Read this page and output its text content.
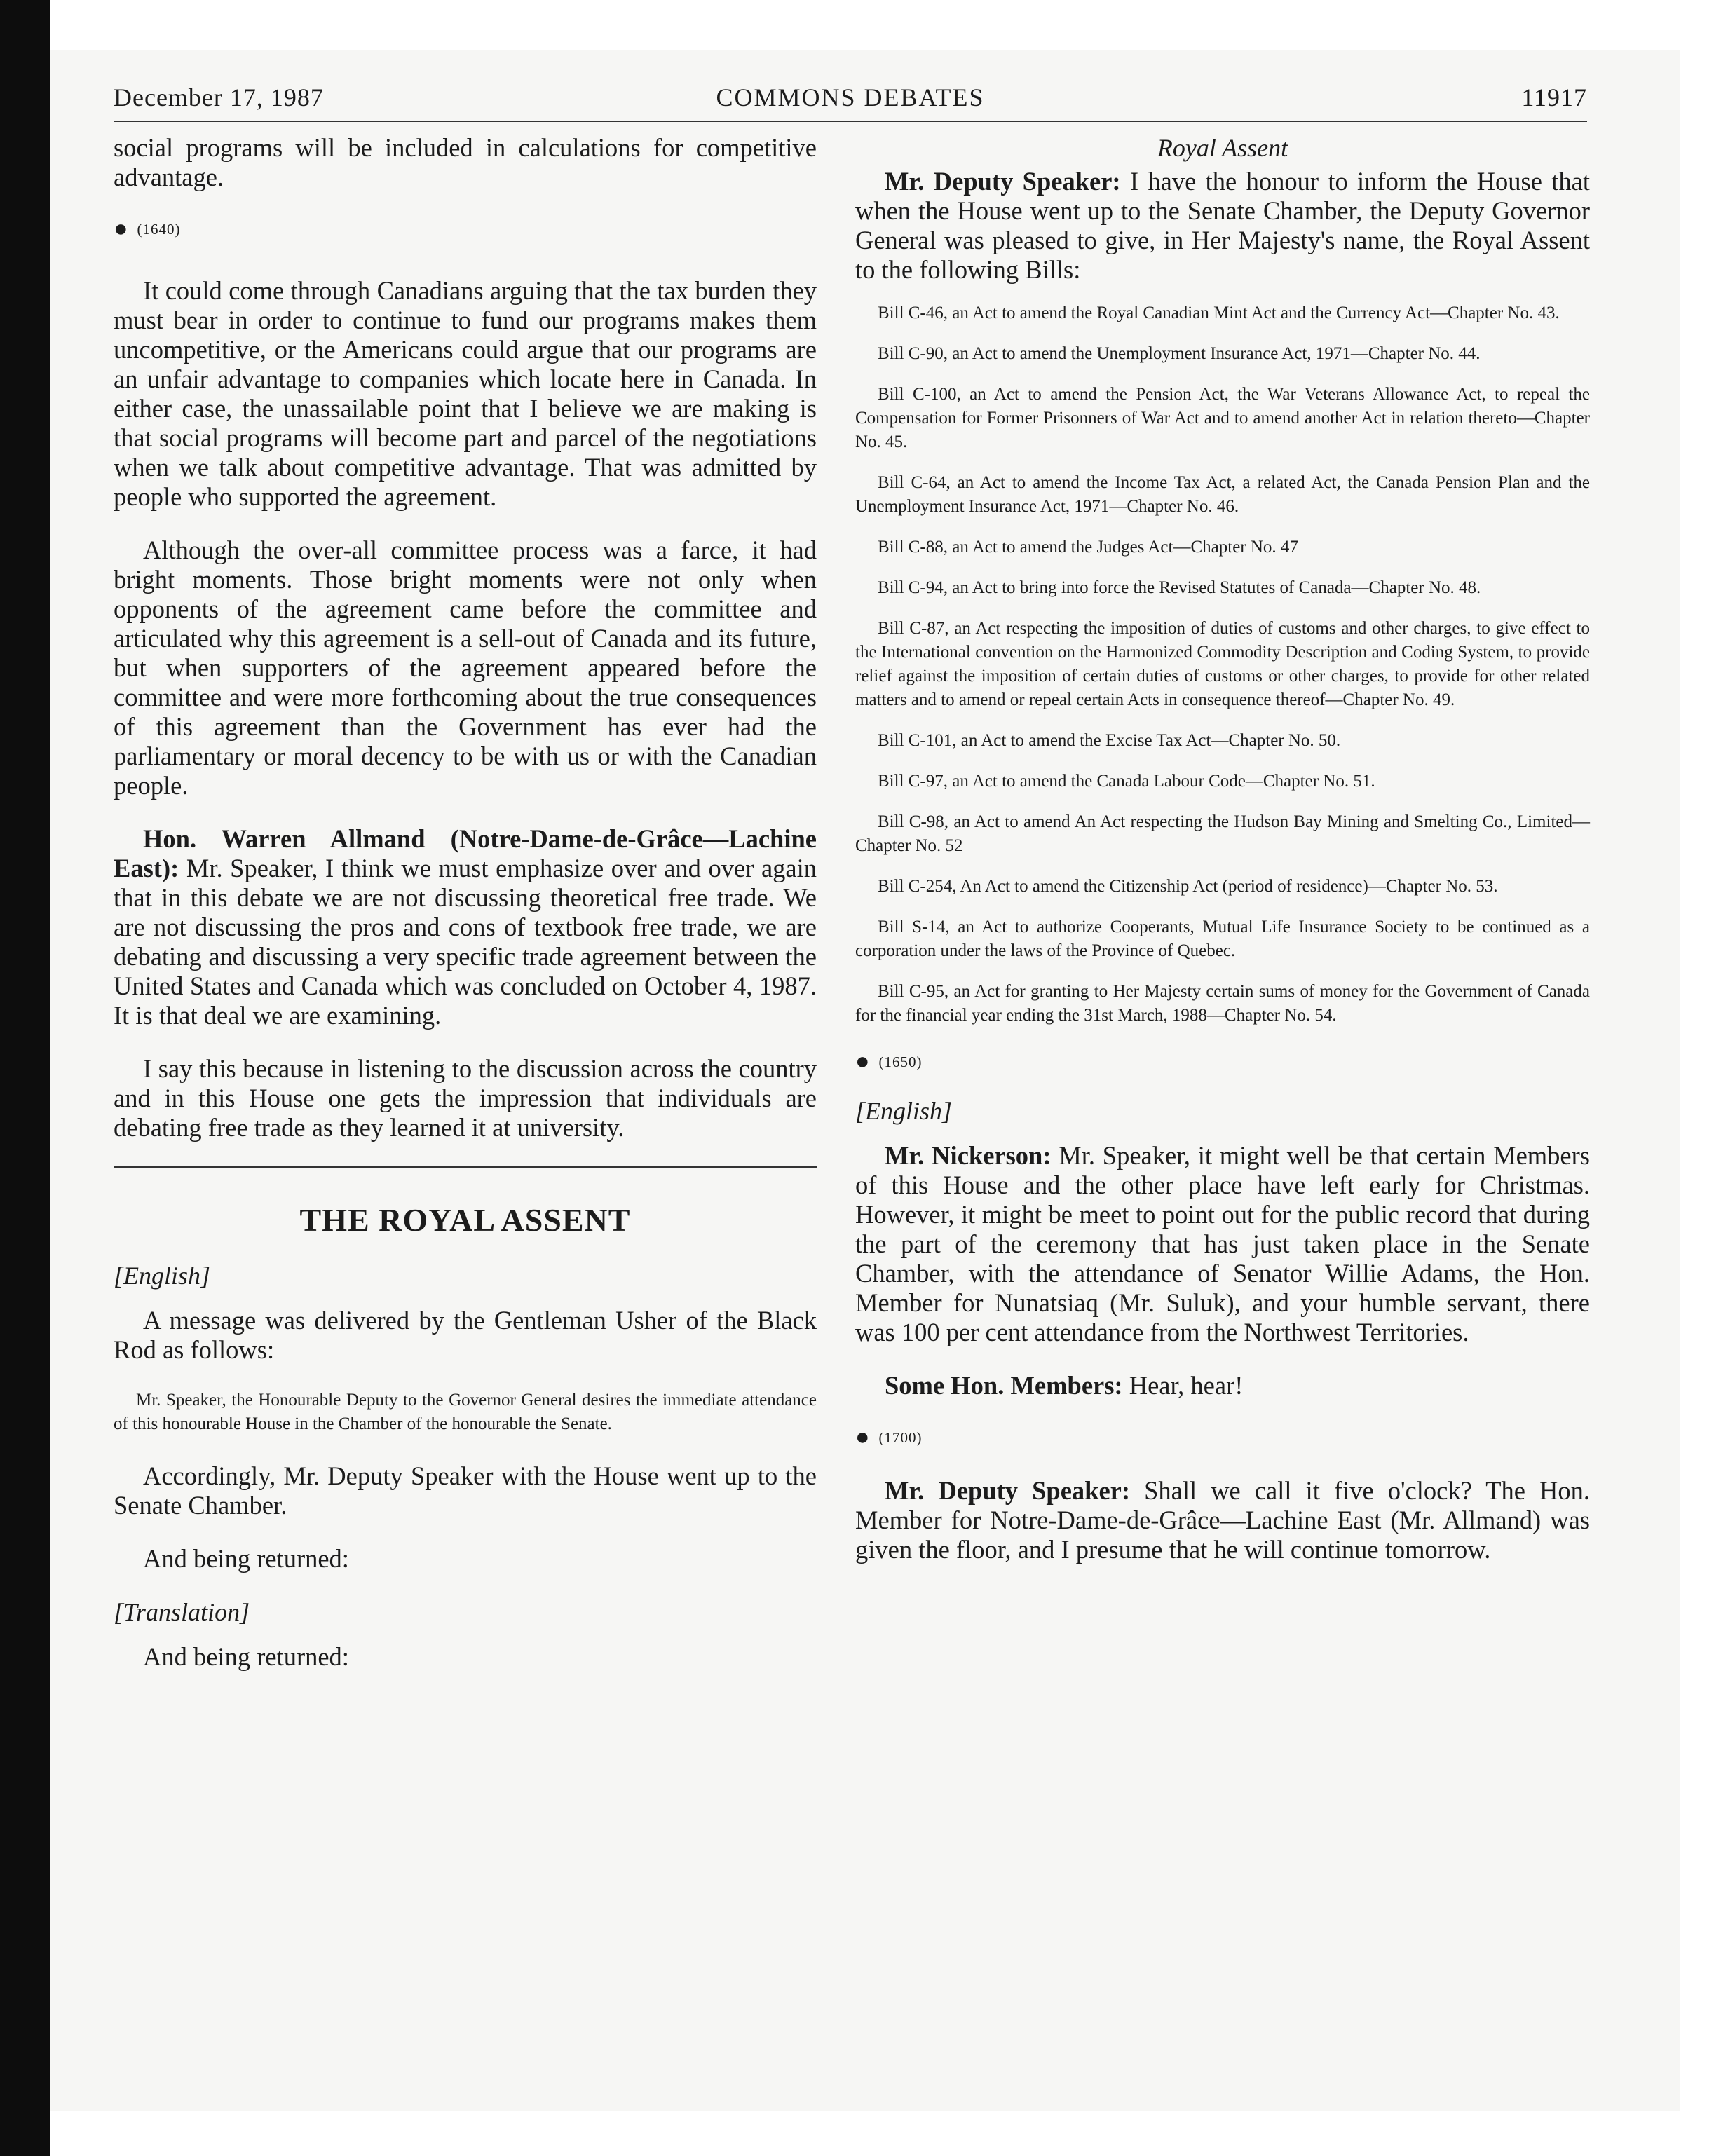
December 17, 1987	COMMONS DEBATES	11917

social programs will be included in calculations for competitive advantage.

● (1640)

It could come through Canadians arguing that the tax burden they must bear in order to continue to fund our programs makes them uncompetitive, or the Americans could argue that our programs are an unfair advantage to companies which locate here in Canada. In either case, the unassailable point that I believe we are making is that social programs will become part and parcel of the negotiations when we talk about competitive advantage. That was admitted by people who supported the agreement.

Although the over-all committee process was a farce, it had bright moments. Those bright moments were not only when opponents of the agreement came before the committee and articulated why this agreement is a sell-out of Canada and its future, but when supporters of the agreement appeared before the committee and were more forthcoming about the true consequences of this agreement than the Government has ever had the parliamentary or moral decency to be with us or with the Canadian people.

Hon. Warren Allmand (Notre-Dame-de-Grâce—Lachine East): Mr. Speaker, I think we must emphasize over and over again that in this debate we are not discussing theoretical free trade. We are not discussing the pros and cons of textbook free trade, we are debating and discussing a very specific trade agreement between the United States and Canada which was concluded on October 4, 1987. It is that deal we are examining.

I say this because in listening to the discussion across the country and in this House one gets the impression that individuals are debating free trade as they learned it at university.

THE ROYAL ASSENT

[English]

A message was delivered by the Gentleman Usher of the Black Rod as follows:

Mr. Speaker, the Honourable Deputy to the Governor General desires the immediate attendance of this honourable House in the Chamber of the honourable the Senate.

Accordingly, Mr. Deputy Speaker with the House went up to the Senate Chamber.

And being returned:

[Translation]

And being returned:

Royal Assent

Mr. Deputy Speaker: I have the honour to inform the House that when the House went up to the Senate Chamber, the Deputy Governor General was pleased to give, in Her Majesty's name, the Royal Assent to the following Bills:

Bill C-46, an Act to amend the Royal Canadian Mint Act and the Currency Act—Chapter No. 43.

Bill C-90, an Act to amend the Unemployment Insurance Act, 1971—Chapter No. 44.

Bill C-100, an Act to amend the Pension Act, the War Veterans Allowance Act, to repeal the Compensation for Former Prisonners of War Act and to amend another Act in relation thereto—Chapter No. 45.

Bill C-64, an Act to amend the Income Tax Act, a related Act, the Canada Pension Plan and the Unemployment Insurance Act, 1971—Chapter No. 46.

Bill C-88, an Act to amend the Judges Act—Chapter No. 47

Bill C-94, an Act to bring into force the Revised Statutes of Canada—Chapter No. 48.

Bill C-87, an Act respecting the imposition of duties of customs and other charges, to give effect to the International convention on the Harmonized Commodity Description and Coding System, to provide relief against the imposition of certain duties of customs or other charges, to provide for other related matters and to amend or repeal certain Acts in consequence thereof—Chapter No. 49.

Bill C-101, an Act to amend the Excise Tax Act—Chapter No. 50.

Bill C-97, an Act to amend the Canada Labour Code—Chapter No. 51.

Bill C-98, an Act to amend An Act respecting the Hudson Bay Mining and Smelting Co., Limited—Chapter No. 52

Bill C-254, An Act to amend the Citizenship Act (period of residence)—Chapter No. 53.

Bill S-14, an Act to authorize Cooperants, Mutual Life Insurance Society to be continued as a corporation under the laws of the Province of Quebec.

Bill C-95, an Act for granting to Her Majesty certain sums of money for the Government of Canada for the financial year ending the 31st March, 1988—Chapter No. 54.

● (1650)

[English]

Mr. Nickerson: Mr. Speaker, it might well be that certain Members of this House and the other place have left early for Christmas. However, it might be meet to point out for the public record that during the part of the ceremony that has just taken place in the Senate Chamber, with the attendance of Senator Willie Adams, the Hon. Member for Nunatsiaq (Mr. Suluk), and your humble servant, there was 100 per cent attendance from the Northwest Territories.

Some Hon. Members: Hear, hear!

● (1700)

Mr. Deputy Speaker: Shall we call it five o'clock? The Hon. Member for Notre-Dame-de-Grâce—Lachine East (Mr. Allmand) was given the floor, and I presume that he will continue tomorrow.
